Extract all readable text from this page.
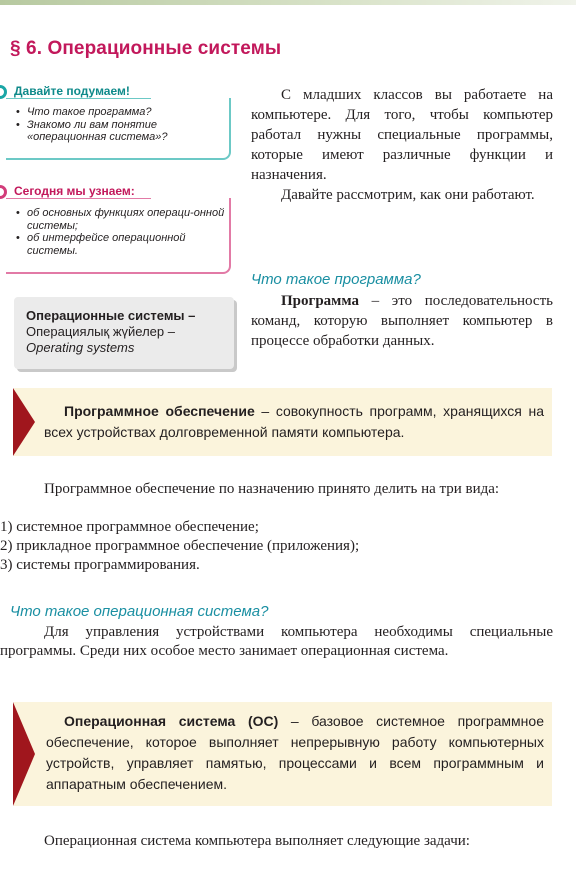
§ 6. Операционные системы
Давайте подумаем!
• Что такое программа?
• Знакомо ли вам понятие «операционная система»?
Сегодня мы узнаем:
• об основных функциях операци-онной системы;
• об интерфейсе операционной системы.
Операционные системы –
Операциялық жүйелер –
Operating systems

С младших классов вы работаете на компьютере. Для того, чтобы компьютер работал нужны специальные программы, которые имеют различные функции и назначения.

Давайте рассмотрим, как они работают.

Что такое программа?
Программа – это последовательность команд, которую выполняет компьютер в процессе обработки данных.
Программное обеспечение – совокупность программ, хранящихся на всех устройствах долговременной памяти компьютера.

Программное обеспечение по назначению принято делить на три вида:

1) системное программное обеспечение;
2) прикладное программное обеспечение (приложения);
3) системы программирования.
Что такое операционная система?

Для управления устройствами компьютера необходимы специальные программы. Среди них особое место занимает операционная система.

Операционная система (ОС) – базовое системное программное обеспечение, которое выполняет непрерывную работу компьютерных устройств, управляет памятью, процессами и всем программным и аппаратным обеспечением.

Операционная система компьютера выполняет следующие задачи:
